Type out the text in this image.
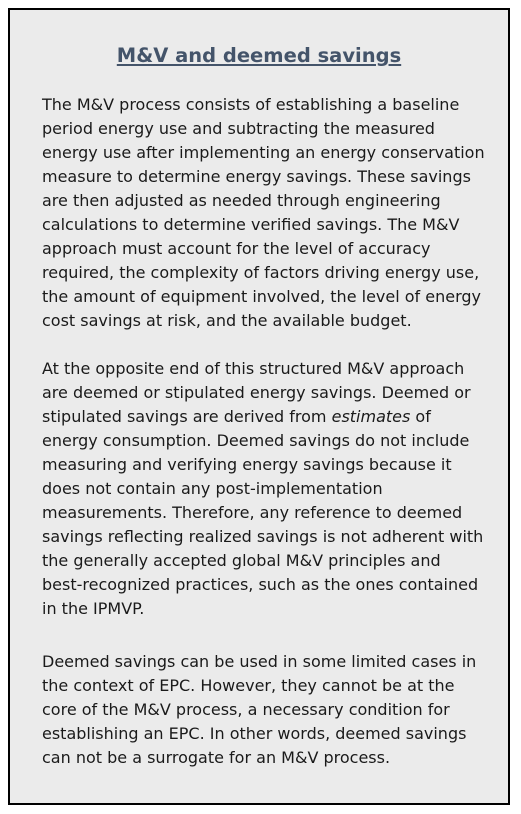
M&V and deemed savings

The M&V process consists of establishing a baseline
period energy use and subtracting the measured
energy use after implementing an energy conservation
measure to determine energy savings. These savings
are then adjusted as needed through engineering
calculations to determine verified savings. The M&V
approach must account for the level of accuracy
required, the complexity of factors driving energy use,
the amount of equipment involved, the level of energy
cost savings at risk, and the available budget.

At the opposite end of this structured M&V approach
are deemed or stipulated energy savings. Deemed or
stipulated savings are derived from estimates of
energy consumption. Deemed savings do not include
measuring and verifying energy savings because it
does not contain any post-implementation
measurements. Therefore, any reference to deemed
savings reflecting realized savings is not adherent with
the generally accepted global M&V principles and
best-recognized practices, such as the ones contained
in the IPMVP.

Deemed savings can be used in some limited cases in
the context of EPC. However, they cannot be at the
core of the M&V process, a necessary condition for
establishing an EPC. In other words, deemed savings
can not be a surrogate for an M&V process.
